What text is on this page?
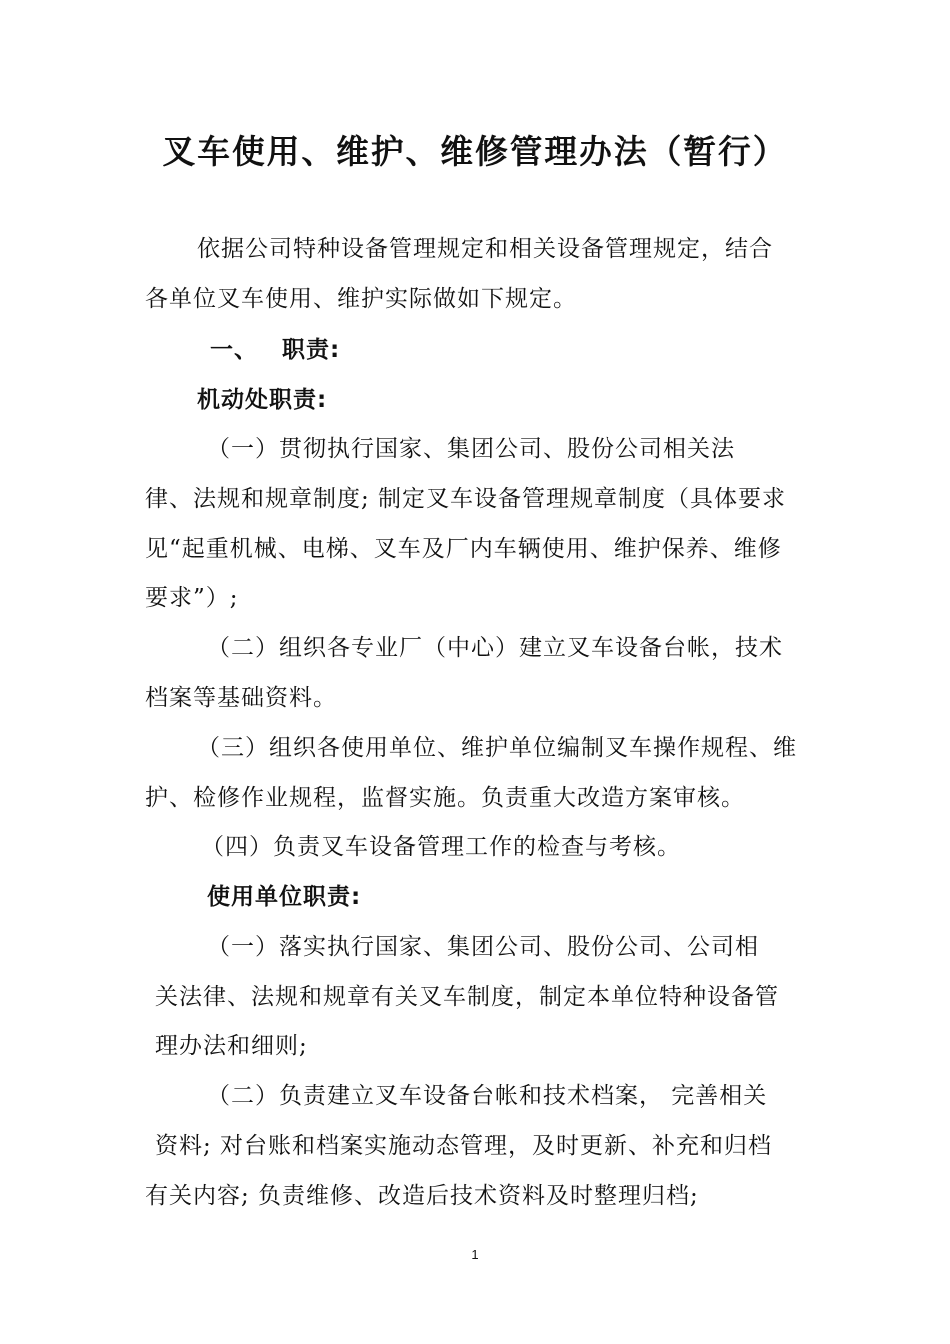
叉车使用、维护、维修管理办法（暂行）
依据公司特种设备管理规定和相关设备管理规定，结合
各单位叉车使用、维护实际做如下规定。
一、 职责:
机动处职责:
（一）贯彻执行国家、集团公司、股份公司相关法
律、法规和规章制度; 制定叉车设备管理规章制度（具体要求
见“起重机械、电梯、叉车及厂内车辆使用、维护保养、维修
要求”）;
（二）组织各专业厂（中心）建立叉车设备台帐，技术
档案等基础资料。
（三）组织各使用单位、维护单位编制叉车操作规程、维
护、检修作业规程，监督实施。负责重大改造方案审核。
（四）负责叉车设备管理工作的检查与考核。
使用单位职责:
（一）落实执行国家、集团公司、股份公司、公司相
关法律、法规和规章有关叉车制度，制定本单位特种设备管
理办法和细则;
（二）负责建立叉车设备台帐和技术档案， 完善相关
资料; 对台账和档案实施动态管理，及时更新、补充和归档
有关内容; 负责维修、改造后技术资料及时整理归档;
1
